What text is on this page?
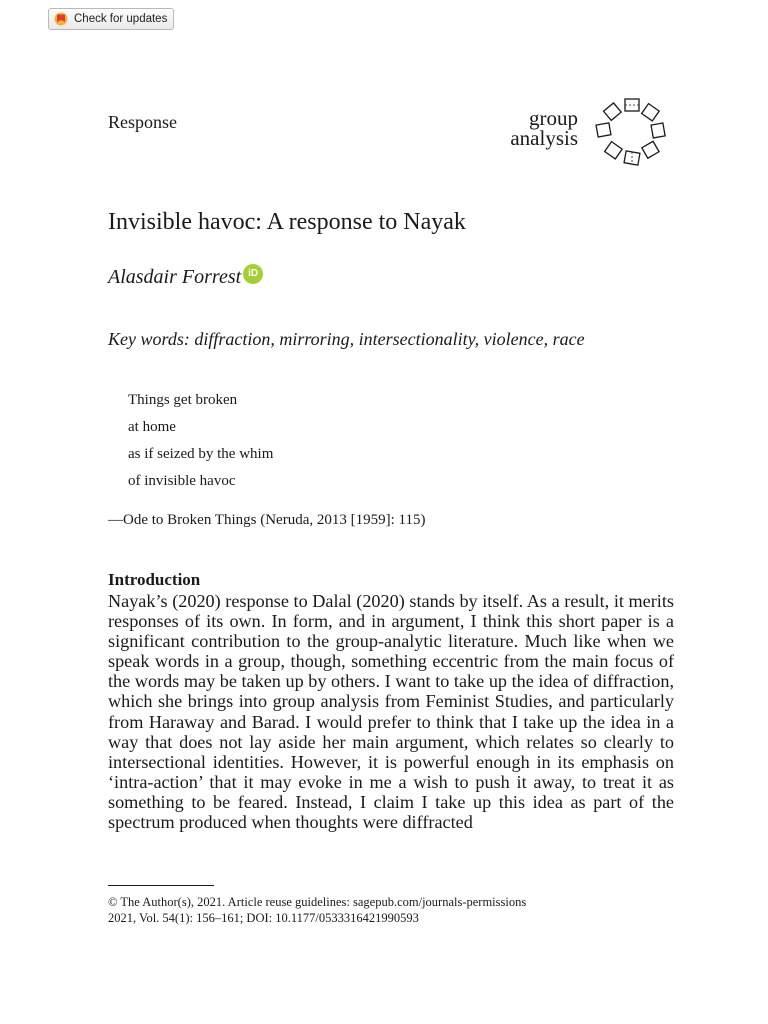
Check for updates
Response	group
analysis
Invisible havoc: A response to Nayak
Alasdair Forrest iD
Key words: diffraction, mirroring, intersectionality, violence, race
Things get broken
at home
as if seized by the whim
of invisible havoc
—Ode to Broken Things (Neruda, 2013 [1959]: 115)
Introduction

Nayak’s (2020) response to Dalal (2020) stands by itself. As a result, it merits responses of its own. In form, and in argument, I think this short paper is a significant contribution to the group-analytic literature. Much like when we speak words in a group, though, something eccentric from the main focus of the words may be taken up by others. I want to take up the idea of diffraction, which she brings into group analysis from Feminist Studies, and particularly from Haraway and Barad. I would prefer to think that I take up the idea in a way that does not lay aside her main argument, which relates so clearly to intersectional identities. However, it is powerful enough in its emphasis on ‘intra-action’ that it may evoke in me a wish to push it away, to treat it as something to be feared. Instead, I claim I take up this idea as part of the spectrum produced when thoughts were diffracted

© The Author(s), 2021. Article reuse guidelines: sagepub.com/journals-permissions
2021, Vol. 54(1): 156–161; DOI: 10.1177/0533316421990593
